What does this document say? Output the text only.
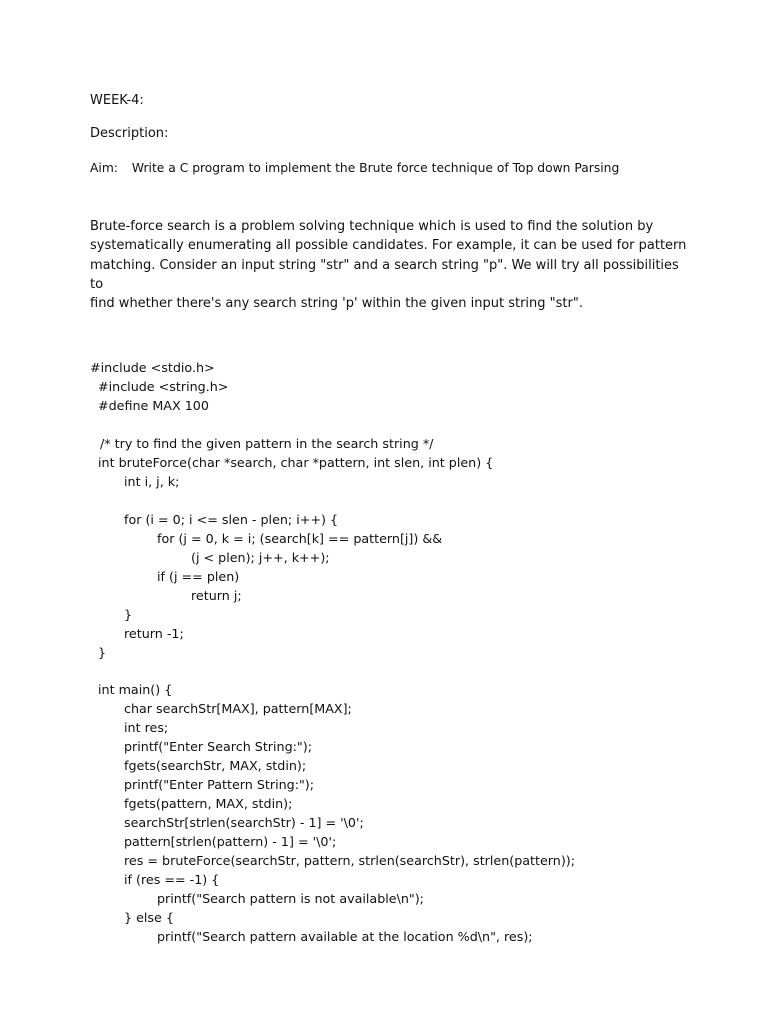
WEEK-4:
Description:
Aim: Write a C program to implement the Brute force technique of Top down Parsing
Brute-force search is a problem solving technique which is used to find the solution by
systematically enumerating all possible candidates. For example, it can be used for pattern
matching. Consider an input string "str" and a search string "p". We will try all possibilities to
find whether there's any search string 'p' within the given input string "str".
#include <stdio.h>
#include <string.h>
#define MAX 100
/* try to find the given pattern in the search string */
int bruteForce(char *search, char *pattern, int slen, int plen) {
int i, j, k;
for (i = 0; i <= slen - plen; i++) {
for (j = 0, k = i; (search[k] == pattern[j]) &&
(j < plen); j++, k++);
if (j == plen)
return j;
}
return -1;
}
int main() {
char searchStr[MAX], pattern[MAX];
int res;
printf("Enter Search String:");
fgets(searchStr, MAX, stdin);
printf("Enter Pattern String:");
fgets(pattern, MAX, stdin);
searchStr[strlen(searchStr) - 1] = '\0';
pattern[strlen(pattern) - 1] = '\0';
res = bruteForce(searchStr, pattern, strlen(searchStr), strlen(pattern));
if (res == -1) {
printf("Search pattern is not available\n");
} else {
printf("Search pattern available at the location %d\n", res);
